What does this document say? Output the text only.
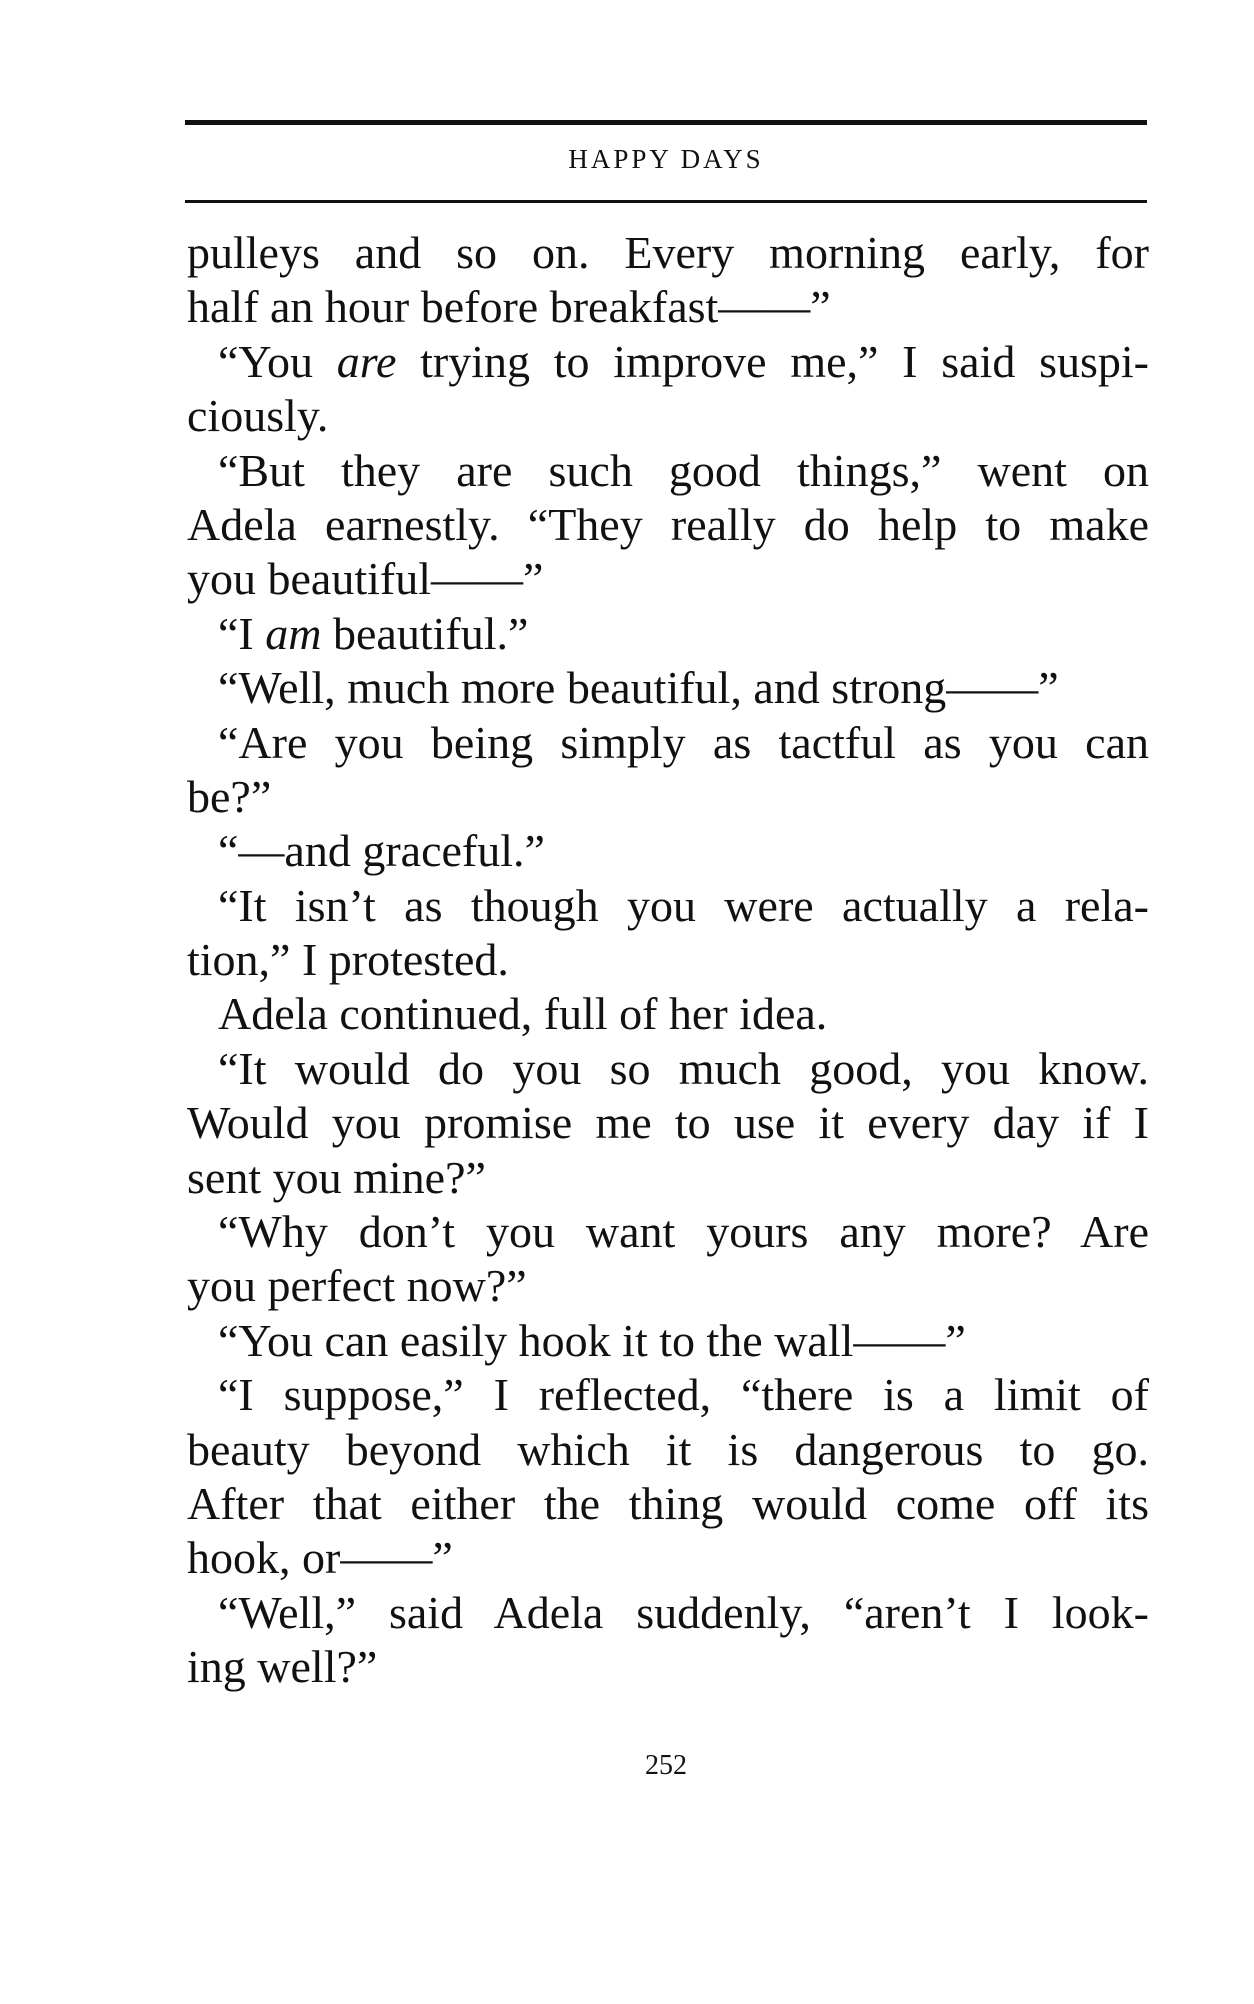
HAPPY DAYS
pulleys and so on. Every morning early, for
half an hour before breakfast——”
“You are trying to improve me,” I said suspi-
ciously.
“But they are such good things,” went on
Adela earnestly. “They really do help to make
you beautiful——”
“I am beautiful.”
“Well, much more beautiful, and strong——”
“Are you being simply as tactful as you can
be?”
“—and graceful.”
“It isn’t as though you were actually a rela-
tion,” I protested.
Adela continued, full of her idea.
“It would do you so much good, you know.
Would you promise me to use it every day if I
sent you mine?”
“Why don’t you want yours any more? Are
you perfect now?”
“You can easily hook it to the wall——”
“I suppose,” I reflected, “there is a limit of
beauty beyond which it is dangerous to go.
After that either the thing would come off its
hook, or——”
“Well,” said Adela suddenly, “aren’t I look-
ing well?”
252
